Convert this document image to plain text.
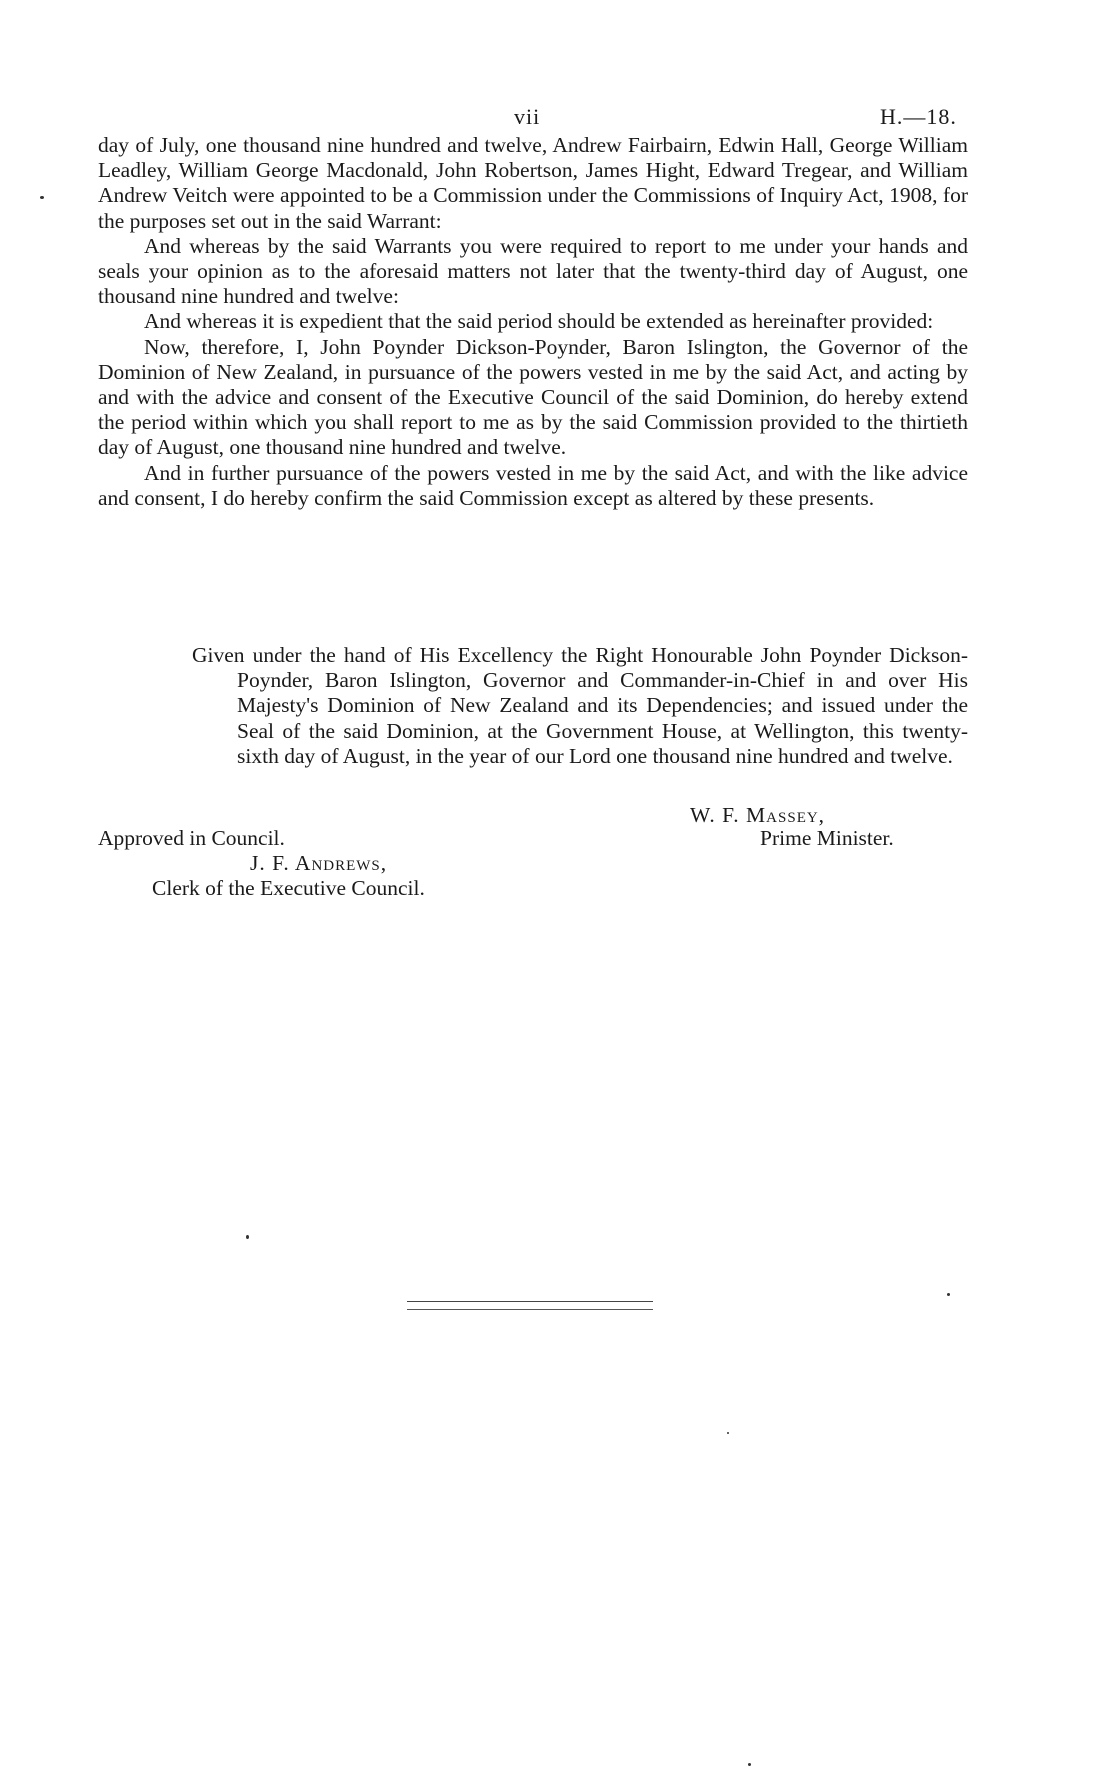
vii	H.—18.

day of July, one thousand nine hundred and twelve, Andrew Fairbairn, Edwin Hall, George William Leadley, William George Macdonald, John Robertson, James Hight, Edward Tregear, and William Andrew Veitch were appointed to be a Commission under the Commissions of Inquiry Act, 1908, for the purposes set out in the said Warrant:

And whereas by the said Warrants you were required to report to me under your hands and seals your opinion as to the aforesaid matters not later that the twenty-third day of August, one thousand nine hundred and twelve:

And whereas it is expedient that the said period should be extended as hereinafter provided:

Now, therefore, I, John Poynder Dickson-Poynder, Baron Islington, the Governor of the Dominion of New Zealand, in pursuance of the powers vested in me by the said Act, and acting by and with the advice and consent of the Executive Council of the said Dominion, do hereby extend the period within which you shall report to me as by the said Commission provided to the thirtieth day of August, one thousand nine hundred and twelve.

And in further pursuance of the powers vested in me by the said Act, and with the like advice and consent, I do hereby confirm the said Commission except as altered by these presents.

Given under the hand of His Excellency the Right Honourable John Poynder Dickson-Poynder, Baron Islington, Governor and Commander-in-Chief in and over His Majesty's Dominion of New Zealand and its Dependencies; and issued under the Seal of the said Dominion, at the Government House, at Wellington, this twenty-sixth day of August, in the year of our Lord one thousand nine hundred and twelve.

W. F. Massey,
Prime Minister.
Approved in Council.
J. F. Andrews,
Clerk of the Executive Council.
